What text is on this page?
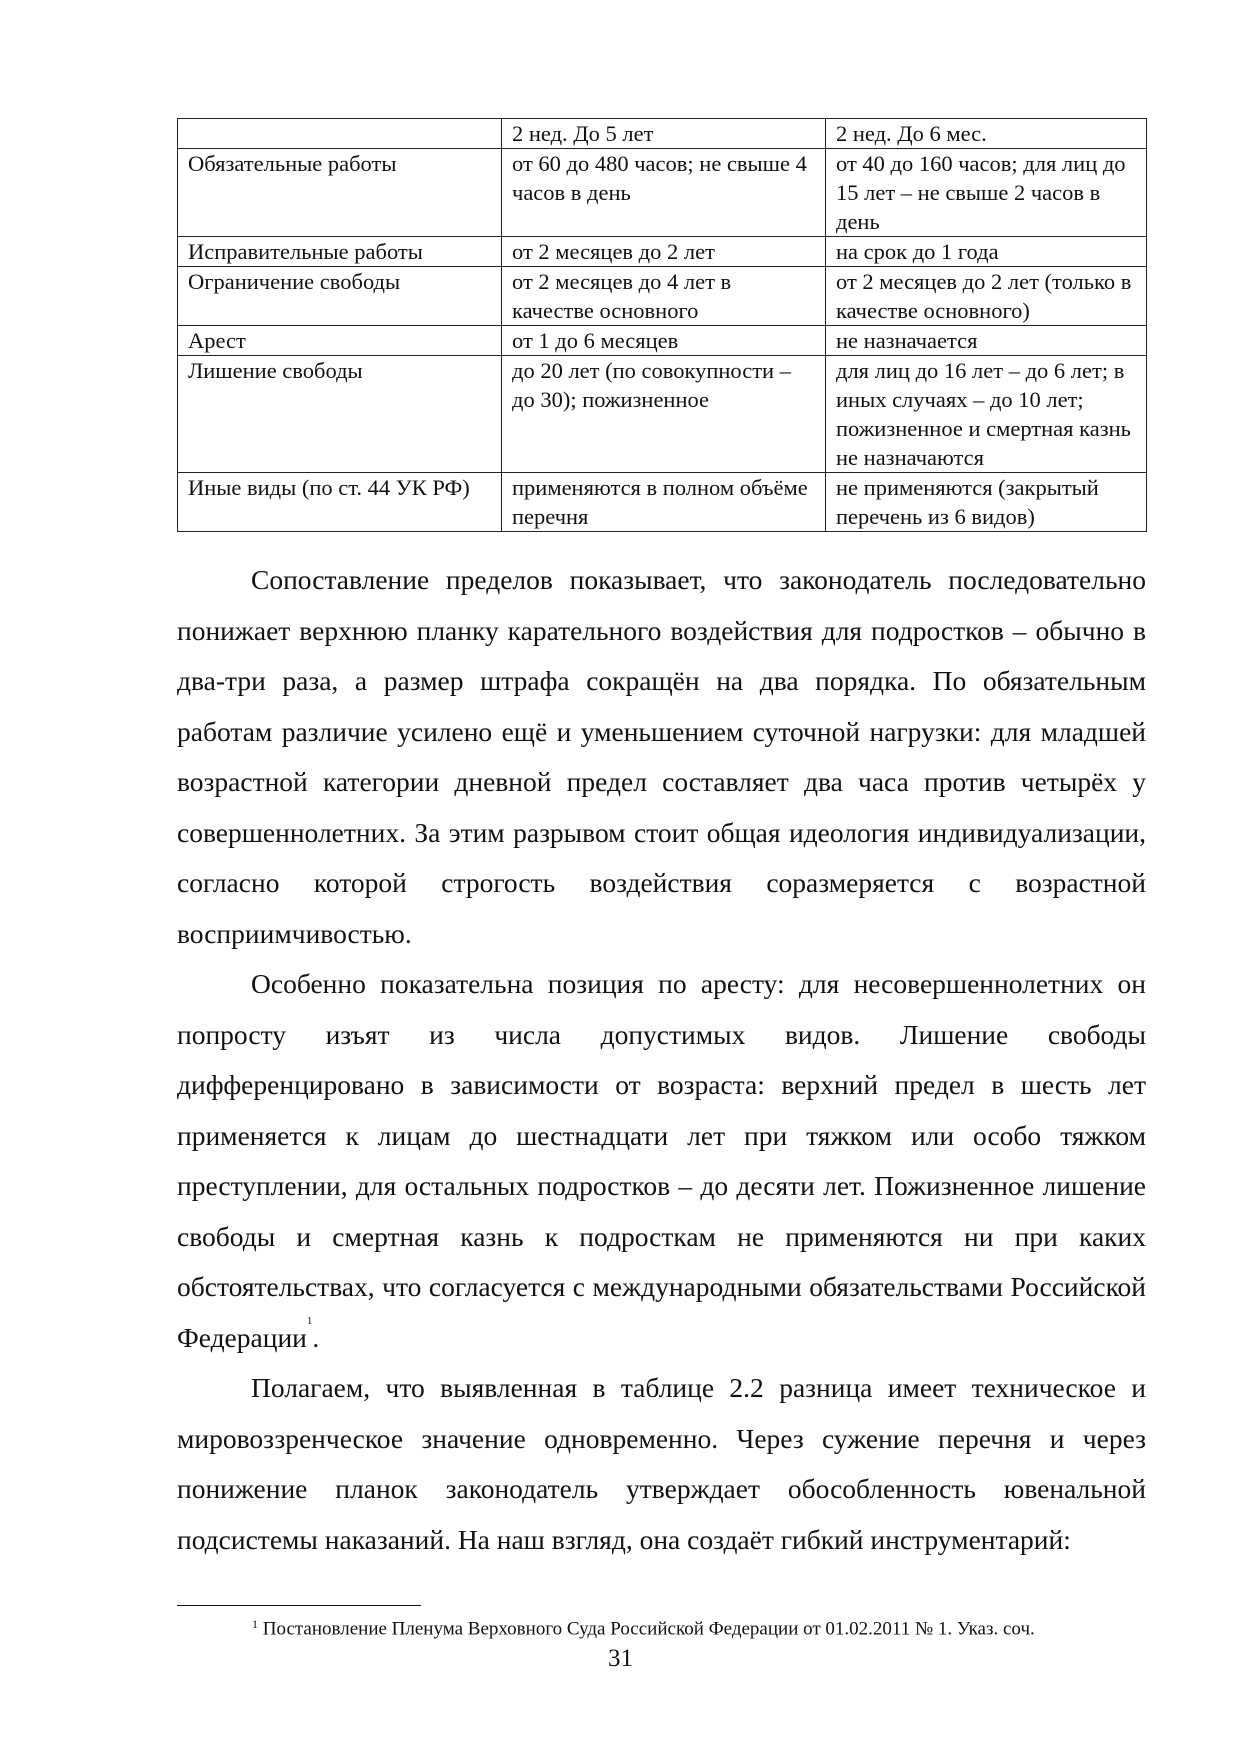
	2 нед. До 5 лет	2 нед. До 6 мес.
Обязательные работы	от 60 до 480 часов; не свыше 4 часов в день	от 40 до 160 часов; для лиц до 15 лет – не свыше 2 часов в день
Исправительные работы	от 2 месяцев до 2 лет	на срок до 1 года
Ограничение свободы	от 2 месяцев до 4 лет в качестве основного	от 2 месяцев до 2 лет (только в качестве основного)
Арест	от 1 до 6 месяцев	не назначается
Лишение свободы	до 20 лет (по совокупности – до 30); пожизненное	для лиц до 16 лет – до 6 лет; в иных случаях – до 10 лет; пожизненное и смертная казнь не назначаются
Иные виды (по ст. 44 УК РФ)	применяются в полном объёме перечня	не применяются (закрытый перечень из 6 видов)

Сопоставление пределов показывает, что законодатель последовательно понижает верхнюю планку карательного воздействия для подростков – обычно в два-три раза, а размер штрафа сокращён на два порядка. По обязательным работам различие усилено ещё и уменьшением суточной нагрузки: для младшей возрастной категории дневной предел составляет два часа против четырёх у совершеннолетних. За этим разрывом стоит общая идеология индивидуализации, согласно которой строгость воздействия соразмеряется с возрастной восприимчивостью.

Особенно показательна позиция по аресту: для несовершеннолетних он попросту изъят из числа допустимых видов. Лишение свободы дифференцировано в зависимости от возраста: верхний предел в шесть лет применяется к лицам до шестнадцати лет при тяжком или особо тяжком преступлении, для остальных подростков – до десяти лет. Пожизненное лишение свободы и смертная казнь к подросткам не применяются ни при каких обстоятельствах, что согласуется с международными обязательствами Российской Федерации$^1$.

Полагаем, что выявленная в таблице 2.2 разница имеет техническое и мировоззренческое значение одновременно. Через сужение перечня и через понижение планок законодатель утверждает обособленность ювенальной подсистемы наказаний. На наш взгляд, она создаёт гибкий инструментарий:

$^1$ Постановление Пленума Верховного Суда Российской Федерации от 01.02.2011 № 1. Указ. соч.
31
